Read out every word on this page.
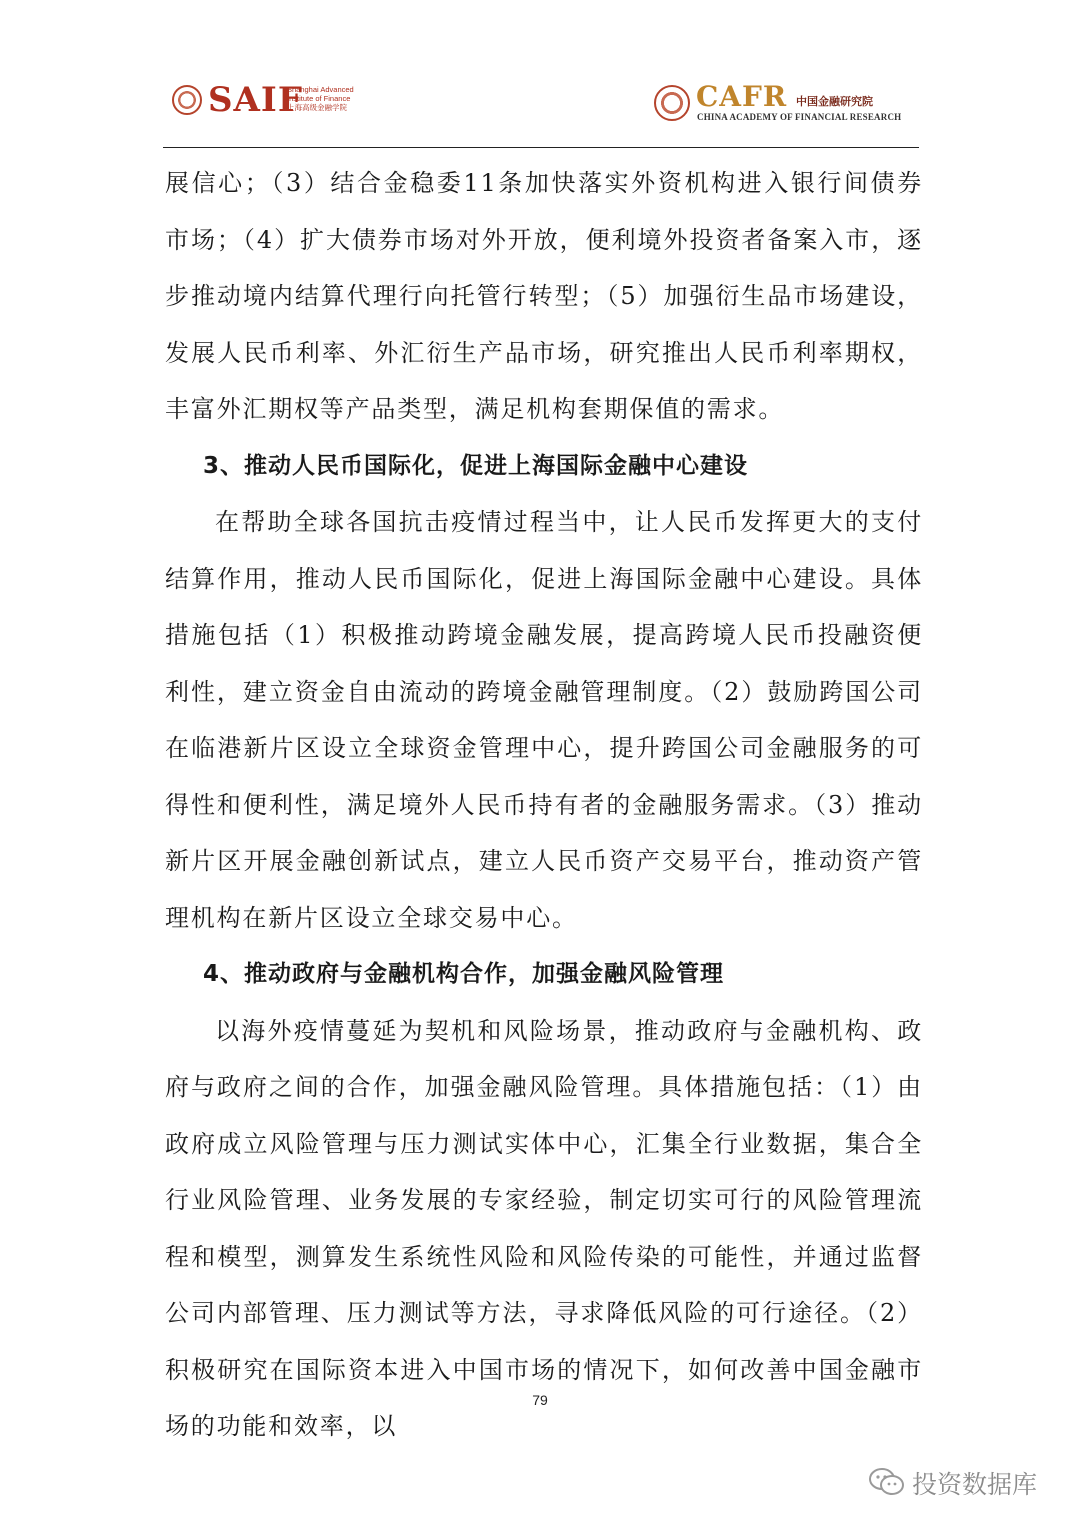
SAIF
Shanghai Advanced
Institute of Finance
上海高级金融学院	CAFR 中国金融研究院
CHINA ACADEMY OF FINANCIAL RESEARCH

展信心；（3）结合金稳委11条加快落实外资机构进入银行间债券市场；（4）扩大债券市场对外开放，便利境外投资者备案入市，逐步推动境内结算代理行向托管行转型；（5）加强衍生品市场建设，发展人民币利率、外汇衍生产品市场，研究推出人民币利率期权，丰富外汇期权等产品类型，满足机构套期保值的需求。

3、推动人民币国际化，促进上海国际金融中心建设

在帮助全球各国抗击疫情过程当中，让人民币发挥更大的支付结算作用，推动人民币国际化，促进上海国际金融中心建设。具体措施包括（1）积极推动跨境金融发展，提高跨境人民币投融资便利性，建立资金自由流动的跨境金融管理制度。（2）鼓励跨国公司在临港新片区设立全球资金管理中心，提升跨国公司金融服务的可得性和便利性，满足境外人民币持有者的金融服务需求。（3）推动新片区开展金融创新试点，建立人民币资产交易平台，推动资产管理机构在新片区设立全球交易中心。

4、推动政府与金融机构合作，加强金融风险管理

以海外疫情蔓延为契机和风险场景，推动政府与金融机构、政府与政府之间的合作，加强金融风险管理。具体措施包括：（1）由政府成立风险管理与压力测试实体中心，汇集全行业数据，集合全行业风险管理、业务发展的专家经验，制定切实可行的风险管理流程和模型，测算发生系统性风险和风险传染的可能性，并通过监督公司内部管理、压力测试等方法，寻求降低风险的可行途径。（2）积极研究在国际资本进入中国市场的情况下，如何改善中国金融市场的功能和效率，以

79
投资数据库
